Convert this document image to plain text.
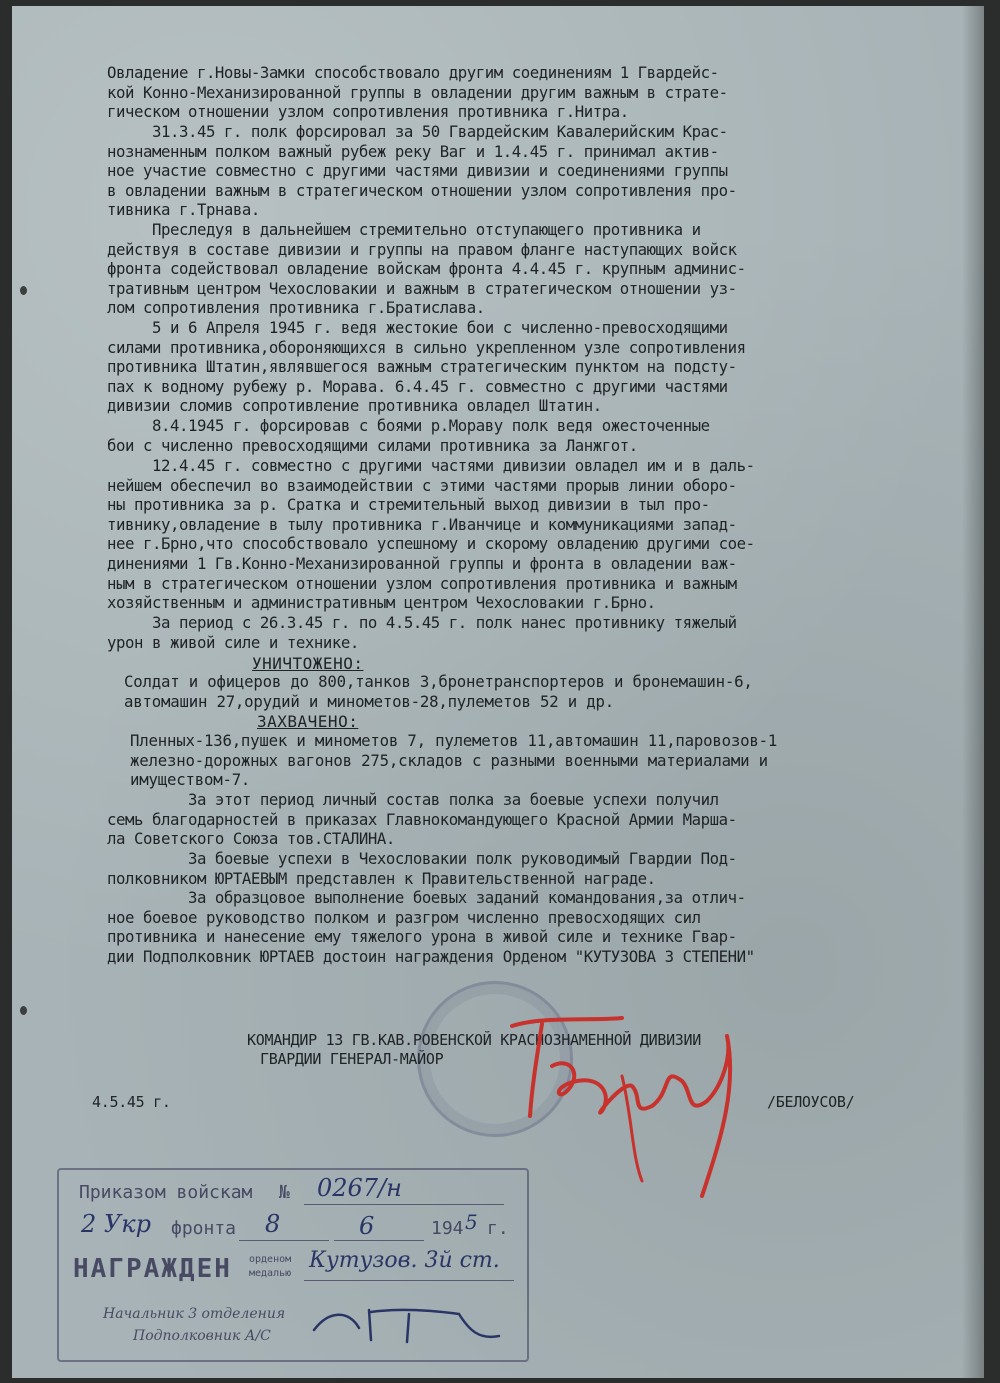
Овладение г.Новы-Замки способствовало другим соединениям 1 Гвардейс-
кой Конно-Механизированной группы в овладении другим важным в страте-
гическом отношении узлом сопротивления противника г.Нитра.
31.3.45 г. полк форсировал за 50 Гвардейским Кавалерийским Крас-
нознаменным полком важный рубеж реку Ваг и 1.4.45 г. принимал актив-
ное участие совместно с другими частями дивизии и соединениями группы
в овладении важным в стратегическом отношении узлом сопротивления про-
тивника г.Трнава.
Преследуя в дальнейшем стремительно отступающего противника и
действуя в составе дивизии и группы на правом фланге наступающих войск
фронта содействовал овладение войскам фронта 4.4.45 г. крупным админис-
тративным центром Чехословакии и важным в стратегическом отношении уз-
лом сопротивления противника г.Братислава.
5 и 6 Апреля 1945 г. ведя жестокие бои с численно-превосходящими
силами противника,обороняющихся в сильно укрепленном узле сопротивления
противника Штатин,являвшегося важным стратегическим пунктом на подсту-
пах к водному рубежу р. Морава. 6.4.45 г. совместно с другими частями
дивизии сломив сопротивление противника овладел Штатин.
8.4.1945 г. форсировав с боями р.Мораву полк ведя ожесточенные
бои с численно превосходящими силами противника за Ланжгот.
12.4.45 г. совместно с другими частями дивизии овладел им и в даль-
нейшем обеспечил во взаимодействии с этими частями прорыв линии оборо-
ны противника за р. Сратка и стремительный выход дивизии в тыл про-
тивнику,овладение в тылу противника г.Иванчице и коммуникациями запад-
нее г.Брно,что способствовало успешному и скорому овладению другими сое-
динениями 1 Гв.Конно-Механизированной группы и фронта в овладении важ-
ным в стратегическом отношении узлом сопротивления противника и важным
хозяйственным и административным центром Чехословакии г.Брно.
За период с 26.3.45 г. по 4.5.45 г. полк нанес противнику тяжелый
урон в живой силе и технике.
УНИЧТОЖЕНО:
Солдат и офицеров до 800,танков 3,бронетранспортеров и бронемашин-6,
автомашин 27,орудий и минометов-28,пулеметов 52 и др.
ЗАХВАЧЕНО:
Пленных-136,пушек и минометов 7, пулеметов 11,автомашин 11,паровозов-1
железно-дорожных вагонов 275,складов с разными военными материалами и
имуществом-7.
За этот период личный состав полка за боевые успехи получил
семь благодарностей в приказах Главнокомандующего Красной Армии Марша-
ла Советского Союза тов.СТАЛИНА.
За боевые успехи в Чехословакии полк руководимый Гвардии Под-
полковником ЮРТАЕВЫМ представлен к Правительственной награде.
За образцовое выполнение боевых заданий командования,за отлич-
ное боевое руководство полком и разгром численно превосходящих сил
противника и нанесение ему тяжелого урона в живой силе и технике Гвар-
дии Подполковник ЮРТАЕВ достоин награждения Орденом "КУТУЗОВА 3 СТЕПЕНИ"
КОМАНДИР 13 ГВ.КАВ.РОВЕНСКОЙ КРАСНОЗНАМЕННОЙ ДИВИЗИИ
ГВАРДИИ ГЕНЕРАЛ-МАЙОР
4.5.45 г.	/БЕЛОУСОВ/
Приказом войскам № 0267/н
2 Укр фронта 8	6	194 5 г.
НАГРАЖДЕН орденом
медалью
Кутузов. 3й ст.
Начальник 3 отделения
Подполковник А/С
